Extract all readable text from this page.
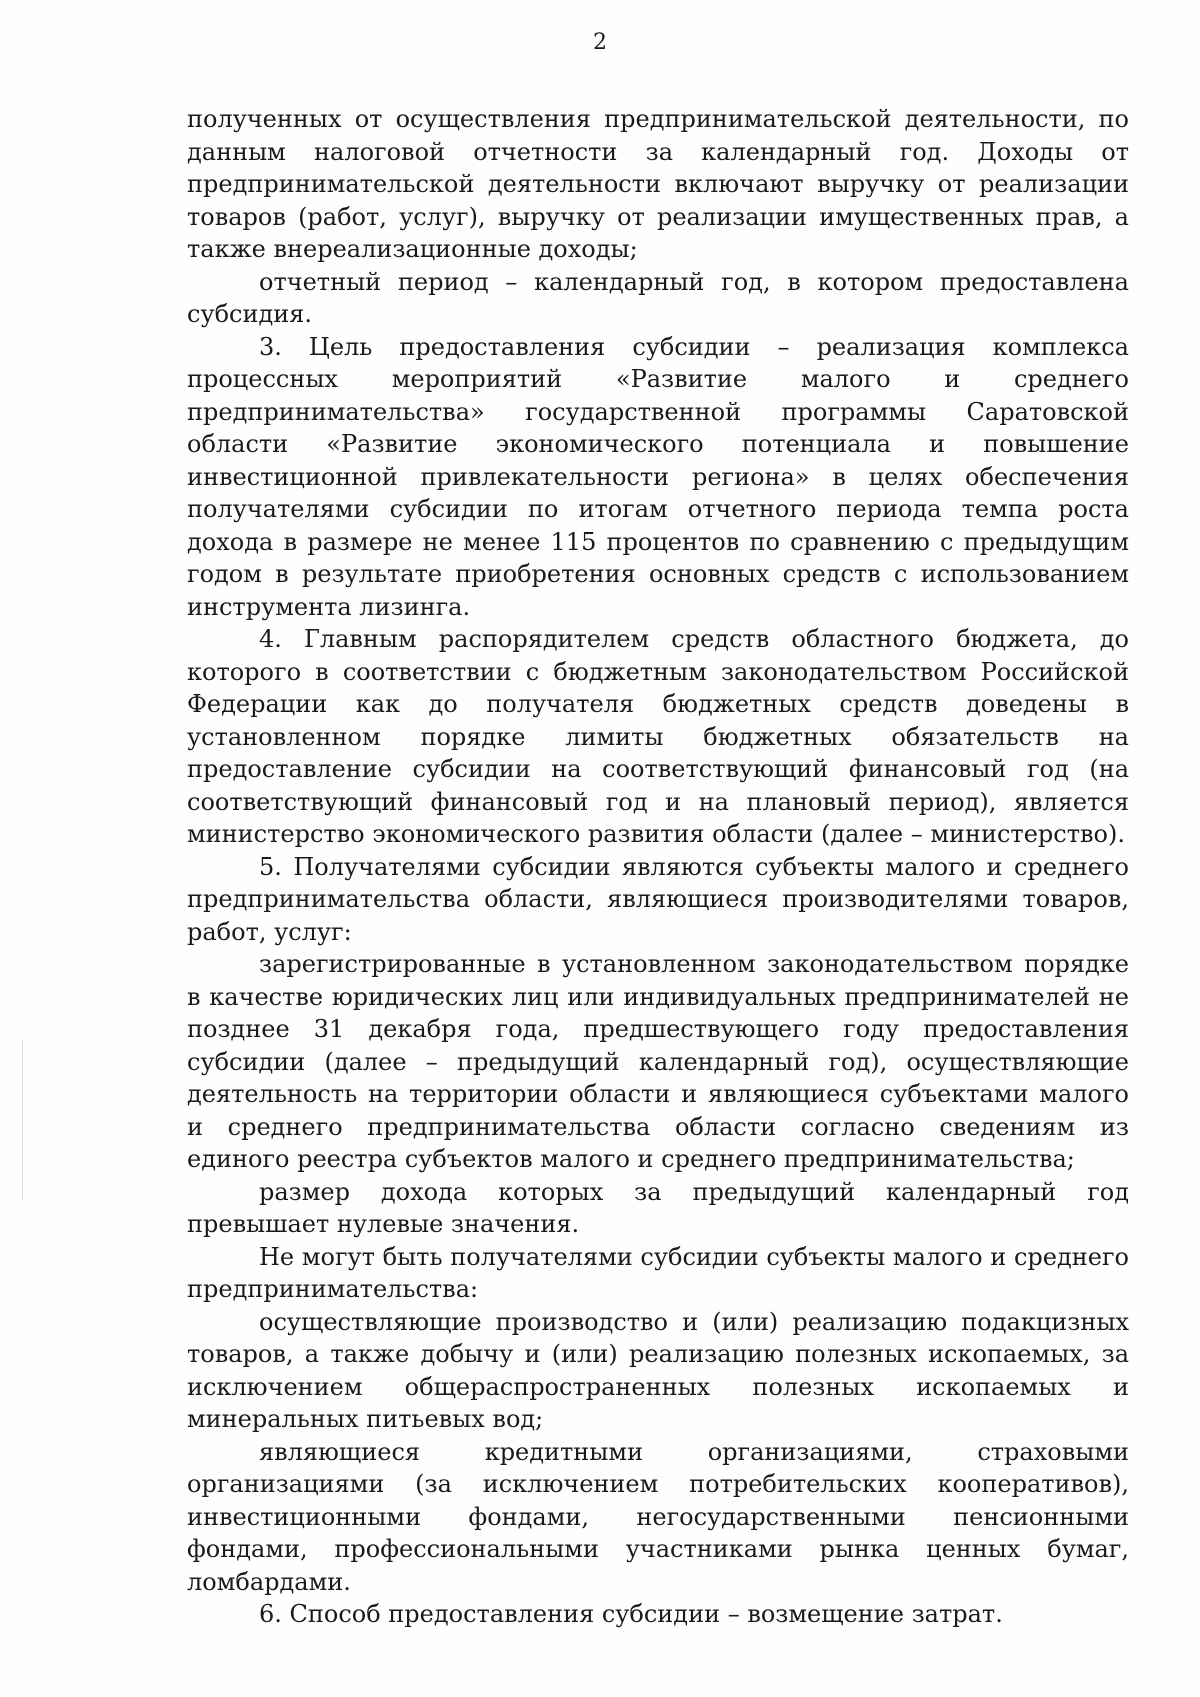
2

полученных от осуществления предпринимательской деятельности, по данным налоговой отчетности за календарный год. Доходы от предпринимательской деятельности включают выручку от реализации товаров (работ, услуг), выручку от реализации имущественных прав, а также внереализационные доходы;

отчетный период – календарный год, в котором предоставлена субсидия.

3. Цель предоставления субсидии – реализация комплекса процессных мероприятий «Развитие малого и среднего предпринимательства» государственной программы Саратовской области «Развитие экономического потенциала и повышение инвестиционной привлекательности региона» в целях обеспечения получателями субсидии по итогам отчетного периода темпа роста дохода в размере не менее 115 процентов по сравнению с предыдущим годом в результате приобретения основных средств с использованием инструмента лизинга.

4. Главным распорядителем средств областного бюджета, до которого в соответствии с бюджетным законодательством Российской Федерации как до получателя бюджетных средств доведены в установленном порядке лимиты бюджетных обязательств на предоставление субсидии на соответствующий финансовый год (на соответствующий финансовый год и на плановый период), является министерство экономического развития области (далее – министерство).

5. Получателями субсидии являются субъекты малого и среднего предпринимательства области, являющиеся производителями товаров, работ, услуг:

зарегистрированные в установленном законодательством порядке в качестве юридических лиц или индивидуальных предпринимателей не позднее 31 декабря года, предшествующего году предоставления субсидии (далее – предыдущий календарный год), осуществляющие деятельность на территории области и являющиеся субъектами малого и среднего предпринимательства области согласно сведениям из единого реестра субъектов малого и среднего предпринимательства;

размер дохода которых за предыдущий календарный год превышает нулевые значения.

Не могут быть получателями субсидии субъекты малого и среднего предпринимательства:

осуществляющие производство и (или) реализацию подакцизных товаров, а также добычу и (или) реализацию полезных ископаемых, за исключением общераспространенных полезных ископаемых и минеральных питьевых вод;

являющиеся кредитными организациями, страховыми организациями (за исключением потребительских кооперативов), инвестиционными фондами, негосударственными пенсионными фондами, профессиональными участниками рынка ценных бумаг, ломбардами.

6. Способ предоставления субсидии – возмещение затрат.
